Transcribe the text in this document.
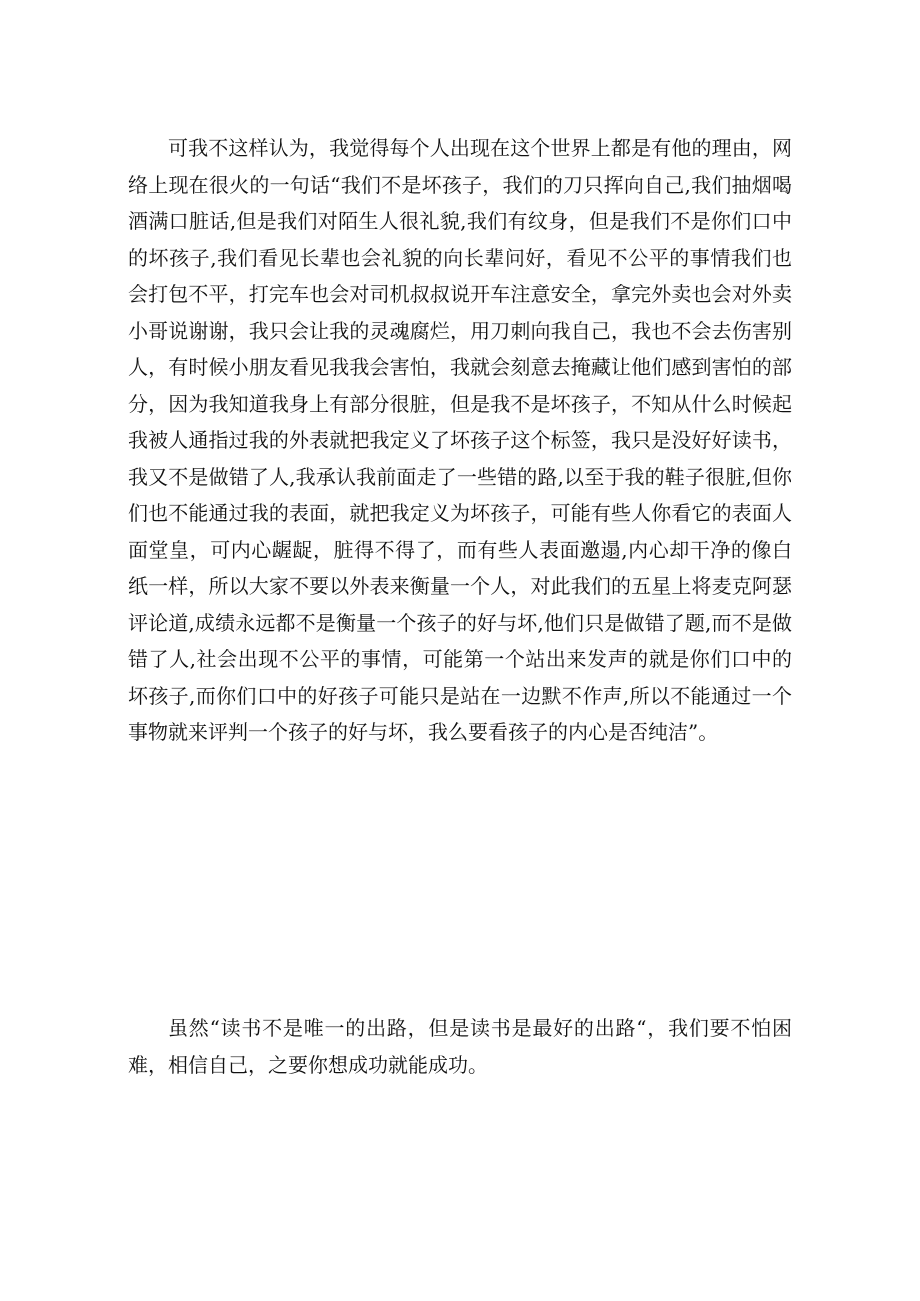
可我不这样认为，我觉得每个人出现在这个世界上都是有他的理由，网络上现在很火的一句话“我们不是坏孩子，我们的刀只挥向自己,我们抽烟喝酒满口脏话,但是我们对陌生人很礼貌,我们有纹身，但是我们不是你们口中的坏孩子,我们看见长辈也会礼貌的向长辈问好，看见不公平的事情我们也会打包不平，打完车也会对司机叔叔说开车注意安全，拿完外卖也会对外卖小哥说谢谢，我只会让我的灵魂腐烂，用刀刺向我自己，我也不会去伤害别人，有时候小朋友看见我我会害怕，我就会刻意去掩藏让他们感到害怕的部分，因为我知道我身上有部分很脏，但是我不是坏孩子，不知从什么时候起我被人通指过我的外表就把我定义了坏孩子这个标签，我只是没好好读书，我又不是做错了人,我承认我前面走了一些错的路,以至于我的鞋子很脏,但你们也不能通过我的表面，就把我定义为坏孩子，可能有些人你看它的表面人面堂皇，可内心龌龊，脏得不得了，而有些人表面邀遢,内心却干净的像白纸一样，所以大家不要以外表来衡量一个人，对此我们的五星上将麦克阿瑟评论道,成绩永远都不是衡量一个孩子的好与坏,他们只是做错了题,而不是做错了人,社会出现不公平的事情，可能第一个站出来发声的就是你们口中的坏孩子,而你们口中的好孩子可能只是站在一边默不作声,所以不能通过一个事物就来评判一个孩子的好与坏，我么要看孩子的内心是否纯洁”。

虽然“读书不是唯一的出路，但是读书是最好的出路“，我们要不怕困难，相信自己，之要你想成功就能成功。
